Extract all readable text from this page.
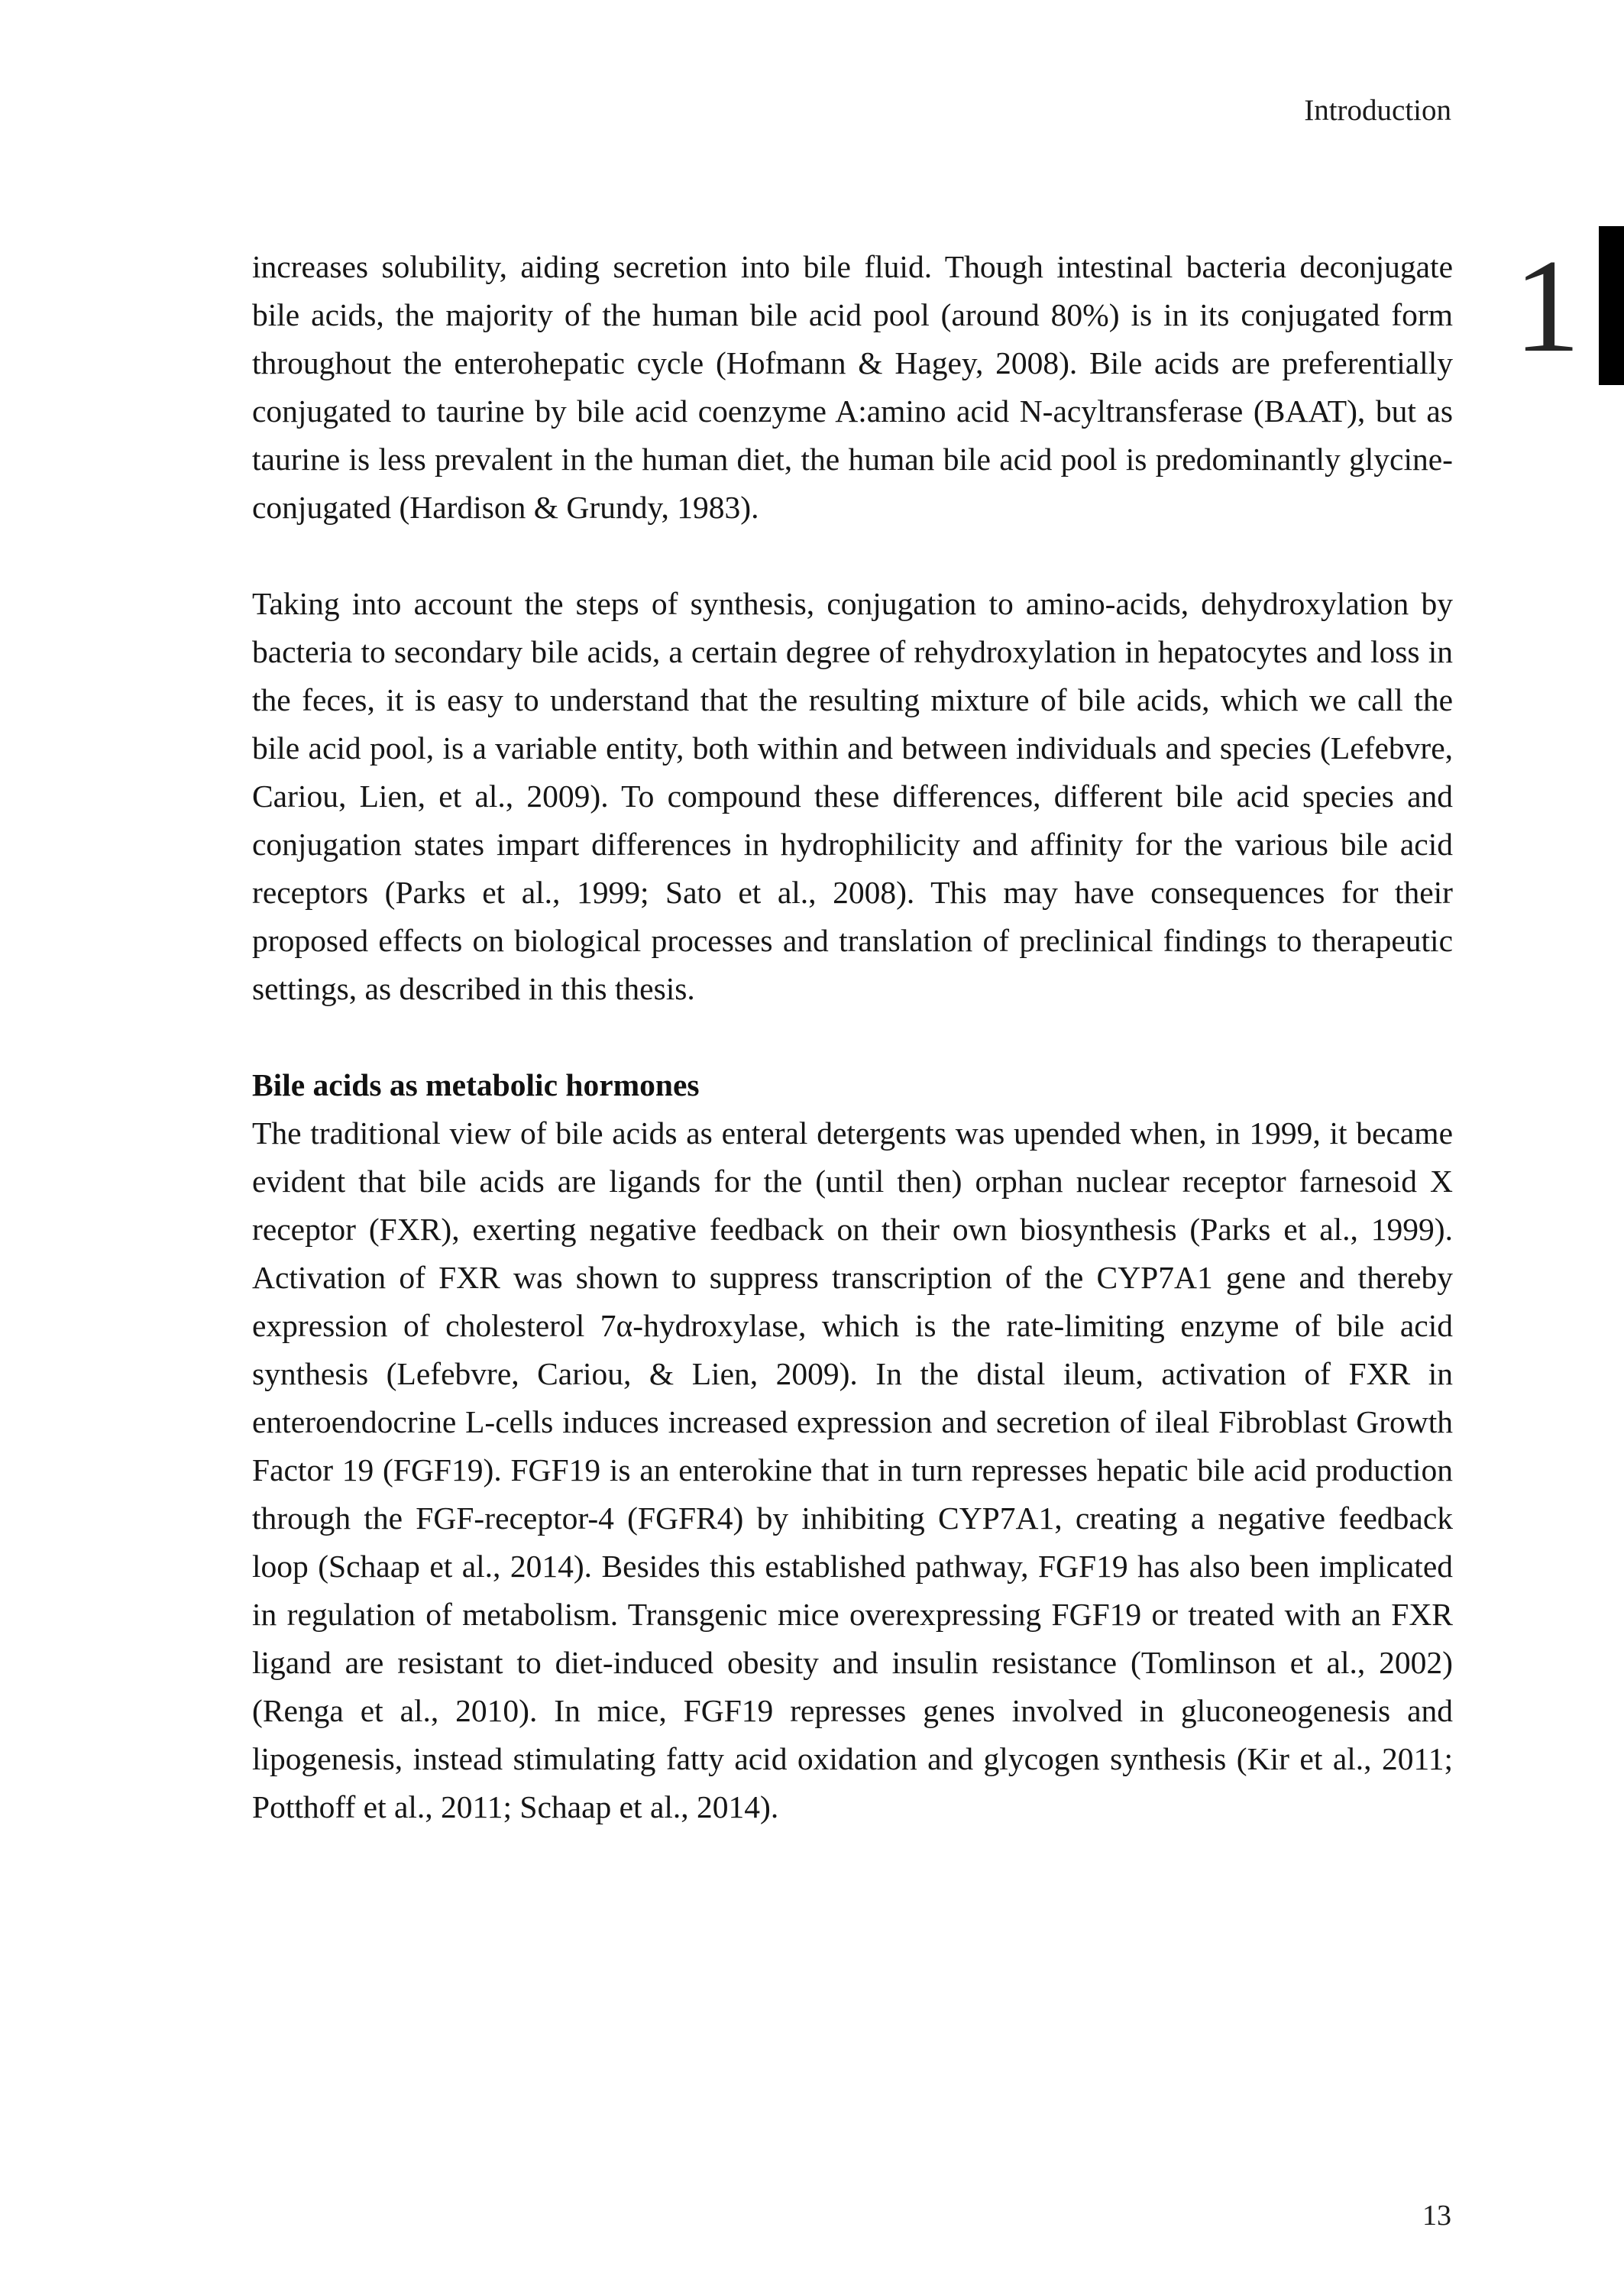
Introduction
1

increases solubility, aiding secretion into bile fluid. Though intestinal bacteria deconjugate bile acids, the majority of the human bile acid pool (around 80%) is in its conjugated form throughout the enterohepatic cycle (Hofmann & Hagey, 2008). Bile acids are preferentially conjugated to taurine by bile acid coenzyme A:amino acid N-acyltransferase (BAAT), but as taurine is less prevalent in the human diet, the human bile acid pool is predominantly glycine-conjugated (Hardison & Grundy, 1983).

Taking into account the steps of synthesis, conjugation to amino-acids, dehydroxylation by bacteria to secondary bile acids, a certain degree of rehydroxylation in hepatocytes and loss in the feces, it is easy to understand that the resulting mixture of bile acids, which we call the bile acid pool, is a variable entity, both within and between individuals and species (Lefebvre, Cariou, Lien, et al., 2009). To compound these differences, different bile acid species and conjugation states impart differences in hydrophilicity and affinity for the various bile acid receptors (Parks et al., 1999; Sato et al., 2008). This may have consequences for their proposed effects on biological processes and translation of preclinical findings to therapeutic settings, as described in this thesis.

Bile acids as metabolic hormones

The traditional view of bile acids as enteral detergents was upended when, in 1999, it became evident that bile acids are ligands for the (until then) orphan nuclear receptor farnesoid X receptor (FXR), exerting negative feedback on their own biosynthesis (Parks et al., 1999). Activation of FXR was shown to suppress transcription of the CYP7A1 gene and thereby expression of cholesterol 7α-hydroxylase, which is the rate-limiting enzyme of bile acid synthesis (Lefebvre, Cariou, & Lien, 2009). In the distal ileum, activation of FXR in enteroendocrine L-cells induces increased expression and secretion of ileal Fibroblast Growth Factor 19 (FGF19). FGF19 is an enterokine that in turn represses hepatic bile acid production through the FGF-receptor-4 (FGFR4) by inhibiting CYP7A1, creating a negative feedback loop (Schaap et al., 2014). Besides this established pathway, FGF19 has also been implicated in regulation of metabolism. Transgenic mice overexpressing FGF19 or treated with an FXR ligand are resistant to diet-induced obesity and insulin resistance (Tomlinson et al., 2002)(Renga et al., 2010). In mice, FGF19 represses genes involved in gluconeogenesis and lipogenesis, instead stimulating fatty acid oxidation and glycogen synthesis (Kir et al., 2011; Potthoff et al., 2011; Schaap et al., 2014).

13
